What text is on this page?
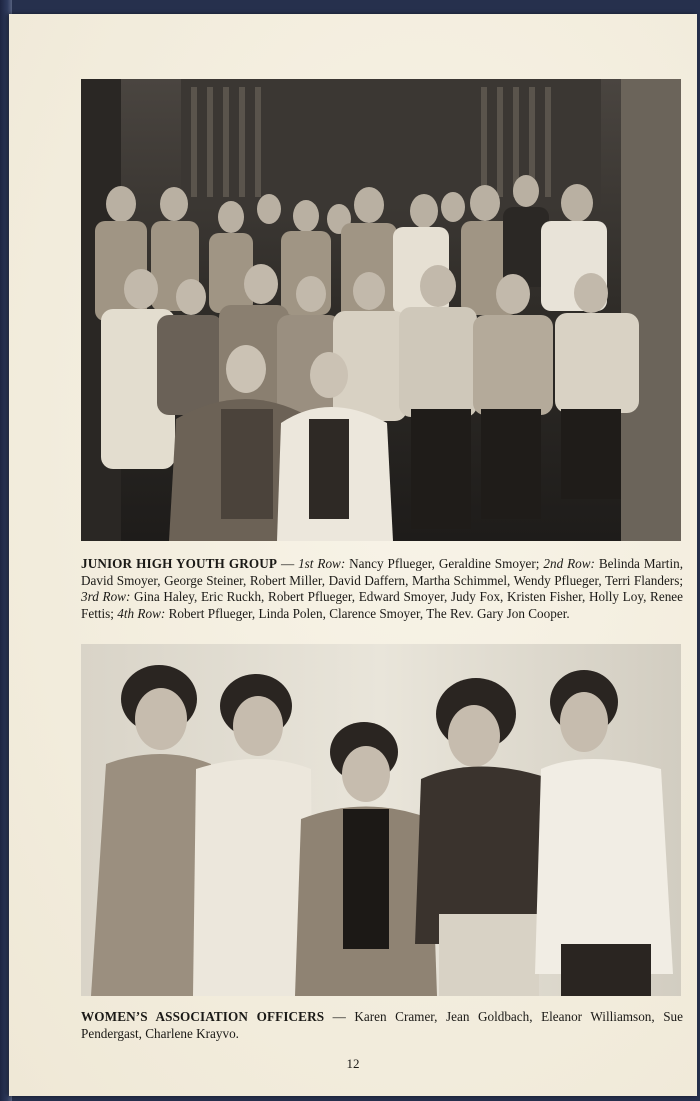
JUNIOR HIGH YOUTH GROUP — 1st Row: Nancy Pflueger, Geraldine Smoyer; 2nd Row: Belinda Martin, David Smoyer, George Steiner, Robert Miller, David Daffern, Martha Schimmel, Wendy Pflueger, Terri Flanders; 3rd Row: Gina Haley, Eric Ruckh, Robert Pflueger, Edward Smoyer, Judy Fox, Kristen Fisher, Holly Loy, Renee Fettis; 4th Row: Robert Pflueger, Linda Polen, Clarence Smoyer, The Rev. Gary Jon Cooper.
WOMEN’S ASSOCIATION OFFICERS — Karen Cramer, Jean Goldbach, Eleanor Williamson, Sue Pendergast, Charlene Krayvo.
12
